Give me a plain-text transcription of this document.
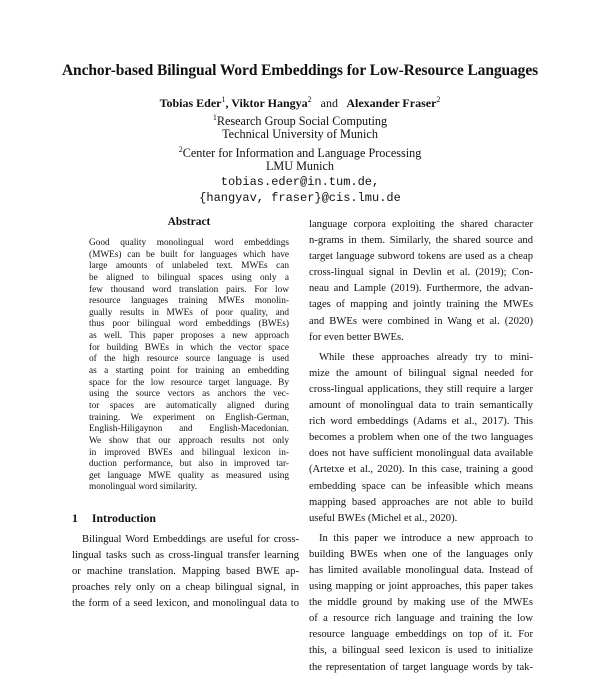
Anchor-based Bilingual Word Embeddings for Low-Resource Languages
Tobias Eder$^1$, Viktor Hangya$^2$ and Alexander Fraser$^2$
$^1$Research Group Social Computing
Technical University of Munich
$^2$Center for Information and Language Processing
LMU Munich
tobias.eder@in.tum.de,
{hangyav, fraser}@cis.lmu.de
Abstract
Good quality monolingual word embeddings
(MWEs) can be built for languages which have
large amounts of unlabeled text. MWEs can
be aligned to bilingual spaces using only a
few thousand word translation pairs. For low
resource languages training MWEs monolin-
gually results in MWEs of poor quality, and
thus poor bilingual word embeddings (BWEs)
as well. This paper proposes a new approach
for building BWEs in which the vector space
of the high resource source language is used
as a starting point for training an embedding
space for the low resource target language. By
using the source vectors as anchors the vec-
tor spaces are automatically aligned during
training. We experiment on English-German,
English-Hiligaynon and English-Macedonian.
We show that our approach results not only
in improved BWEs and bilingual lexicon in-
duction performance, but also in improved tar-
get language MWE quality as measured using
monolingual word similarity.
1 Introduction
Bilingual Word Embeddings are useful for cross-
lingual tasks such as cross-lingual transfer learning
or machine translation. Mapping based BWE ap-
proaches rely only on a cheap bilingual signal, in
the form of a seed lexicon, and monolingual data to
language corpora exploiting the shared character
n-grams in them. Similarly, the shared source and
target language subword tokens are used as a cheap
cross-lingual signal in Devlin et al. (2019); Con-
neau and Lample (2019). Furthermore, the advan-
tages of mapping and jointly training the MWEs
and BWEs were combined in Wang et al. (2020)
for even better BWEs.
While these approaches already try to mini-
mize the amount of bilingual signal needed for
cross-lingual applications, they still require a larger
amount of monolingual data to train semantically
rich word embeddings (Adams et al., 2017). This
becomes a problem when one of the two languages
does not have sufficient monolingual data available
(Artetxe et al., 2020). In this case, training a good
embedding space can be infeasible which means
mapping based approaches are not able to build
useful BWEs (Michel et al., 2020).
In this paper we introduce a new approach to
building BWEs when one of the languages only
has limited available monolingual data. Instead of
using mapping or joint approaches, this paper takes
the middle ground by making use of the MWEs
of a resource rich language and training the low
resource language embeddings on top of it. For
this, a bilingual seed lexicon is used to initialize
the representation of target language words by tak-
